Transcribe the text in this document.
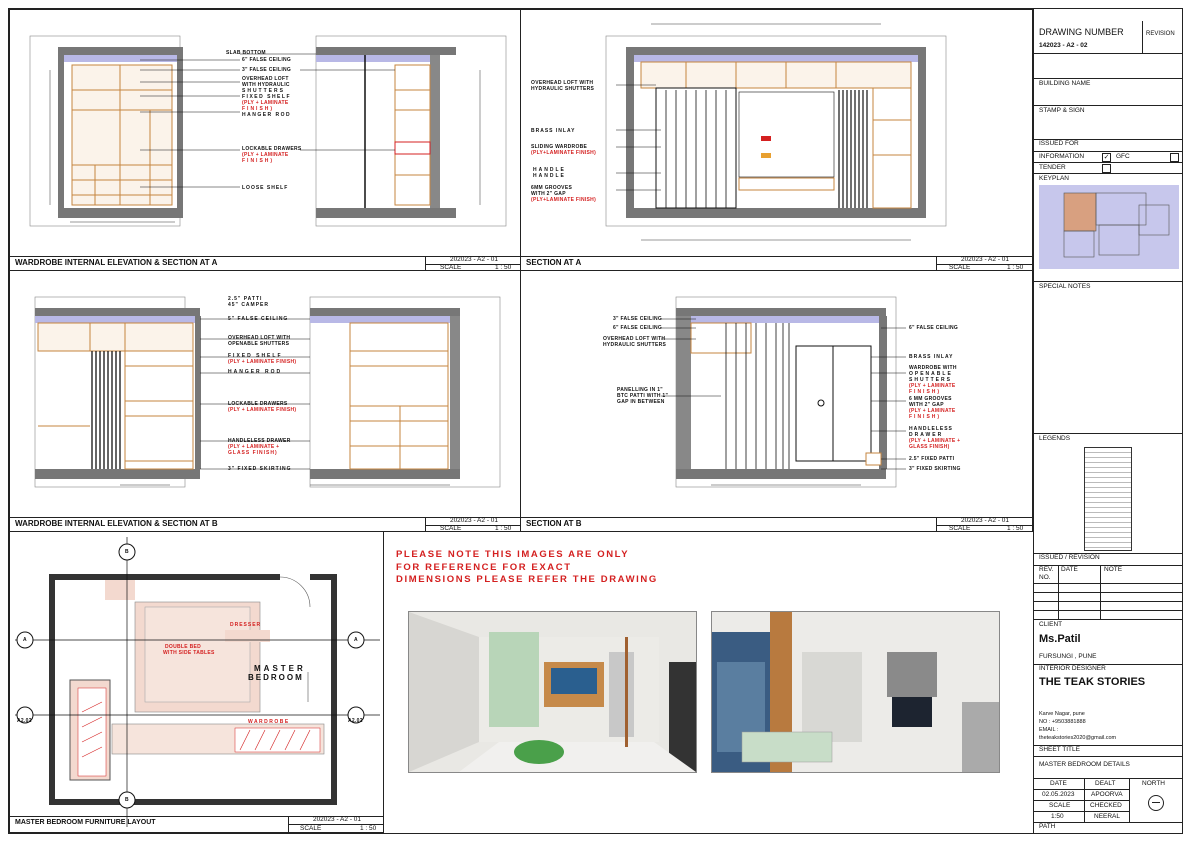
SLAB BOTTOM
6" FALSE CEILING
3" FALSE CEILING
OVERHEAD LOFT
WITH HYDRAULIC
SHUTTERS
FIXED SHELF
(PLY + LAMINATE
FINISH)
HANGER ROD
LOCKABLE DRAWERS
(PLY + LAMINATE
FINISH)
LOOSE SHELF
WARDROBE INTERNAL ELEVATION & SECTION AT A	202023 - A2 - 01
SCALE	1 : 50
OVERHEAD LOFT WITH
HYDRAULIC SHUTTERS
BRASS INLAY
SLIDING WARDROBE
(PLY+LAMINATE FINISH)
HANDLE
HANDLE
6MM GROOVES
WITH 2" GAP
(PLY+LAMINATE FINISH)
SECTION AT A	202023 - A2 - 01
SCALE	1 : 50
2.5" PATTI
45" CAMPER
5" FALSE CEILING
OVERHEAD LOFT WITH
OPENABLE SHUTTERS
FIXED SHELF
(PLY + LAMINATE FINISH)
HANGER ROD
LOCKABLE DRAWERS
(PLY + LAMINATE FINISH)
HANDLELESS DRAWER
(PLY + LAMINATE +
GLASS FINISH)
3" FIXED SKIRTING
WARDROBE INTERNAL ELEVATION & SECTION AT B	202023 - A2 - 01
SCALE	1 : 50
3" FALSE CEILING
6" FALSE CEILING
OVERHEAD LOFT WITH
HYDRAULIC SHUTTERS
PANELLING IN 1"
BTC PATTI WITH 1"
GAP IN BETWEEN
6" FALSE CEILING
BRASS INLAY
WARDROBE WITH
OPENABLE
SHUTTERS
(PLY + LAMINATE
FINISH)
6 MM GROOVES
WITH 2" GAP
(PLY + LAMINATE
FINISH)
HANDLELESS
DRAWER
(PLY + LAMINATE +
GLASS FINISH)
2.5" FIXED PATTI
3" FIXED SKIRTING
SECTION AT B	202023 - A2 - 01
SCALE	1 : 50
DOUBLE BED
WITH SIDE TABLES
DRESSER
WARDROBE
MASTER
BEDROOM
B
B
A	A
A2.02	A2.02
MASTER BEDROOM FURNITURE LAYOUT	202023 - A2 - 01
SCALE	1 : 50
PLEASE NOTE THIS IMAGES ARE ONLY
FOR REFERENCE FOR EXACT
DIMENSIONS PLEASE REFER THE DRAWING
DRAWING NUMBER	REVISION
142023 - A2 - 02
BUILDING NAME
STAMP & SIGN
ISSUED FOR
INFORMATION	✓ GFC
TENDER
KEYPLAN
SPECIAL NOTES
LEGENDS
ISSUED / REVISION
REV.
NO.
DATE	NOTE
CLIENT
Ms.Patil
FURSUNGI , PUNE
INTERIOR DESIGNER
THE TEAK STORIES
Karve Nagar, pune
NO : +9503881888
EMAIL :
theteakstories2020@gmail.com
SHEET TITLE
MASTER BEDROOM DETAILS
DATE	DEALT	NORTH
02.05.2023	APOORVA
SCALE	CHECKED
1:50	NEERAL
PATH
